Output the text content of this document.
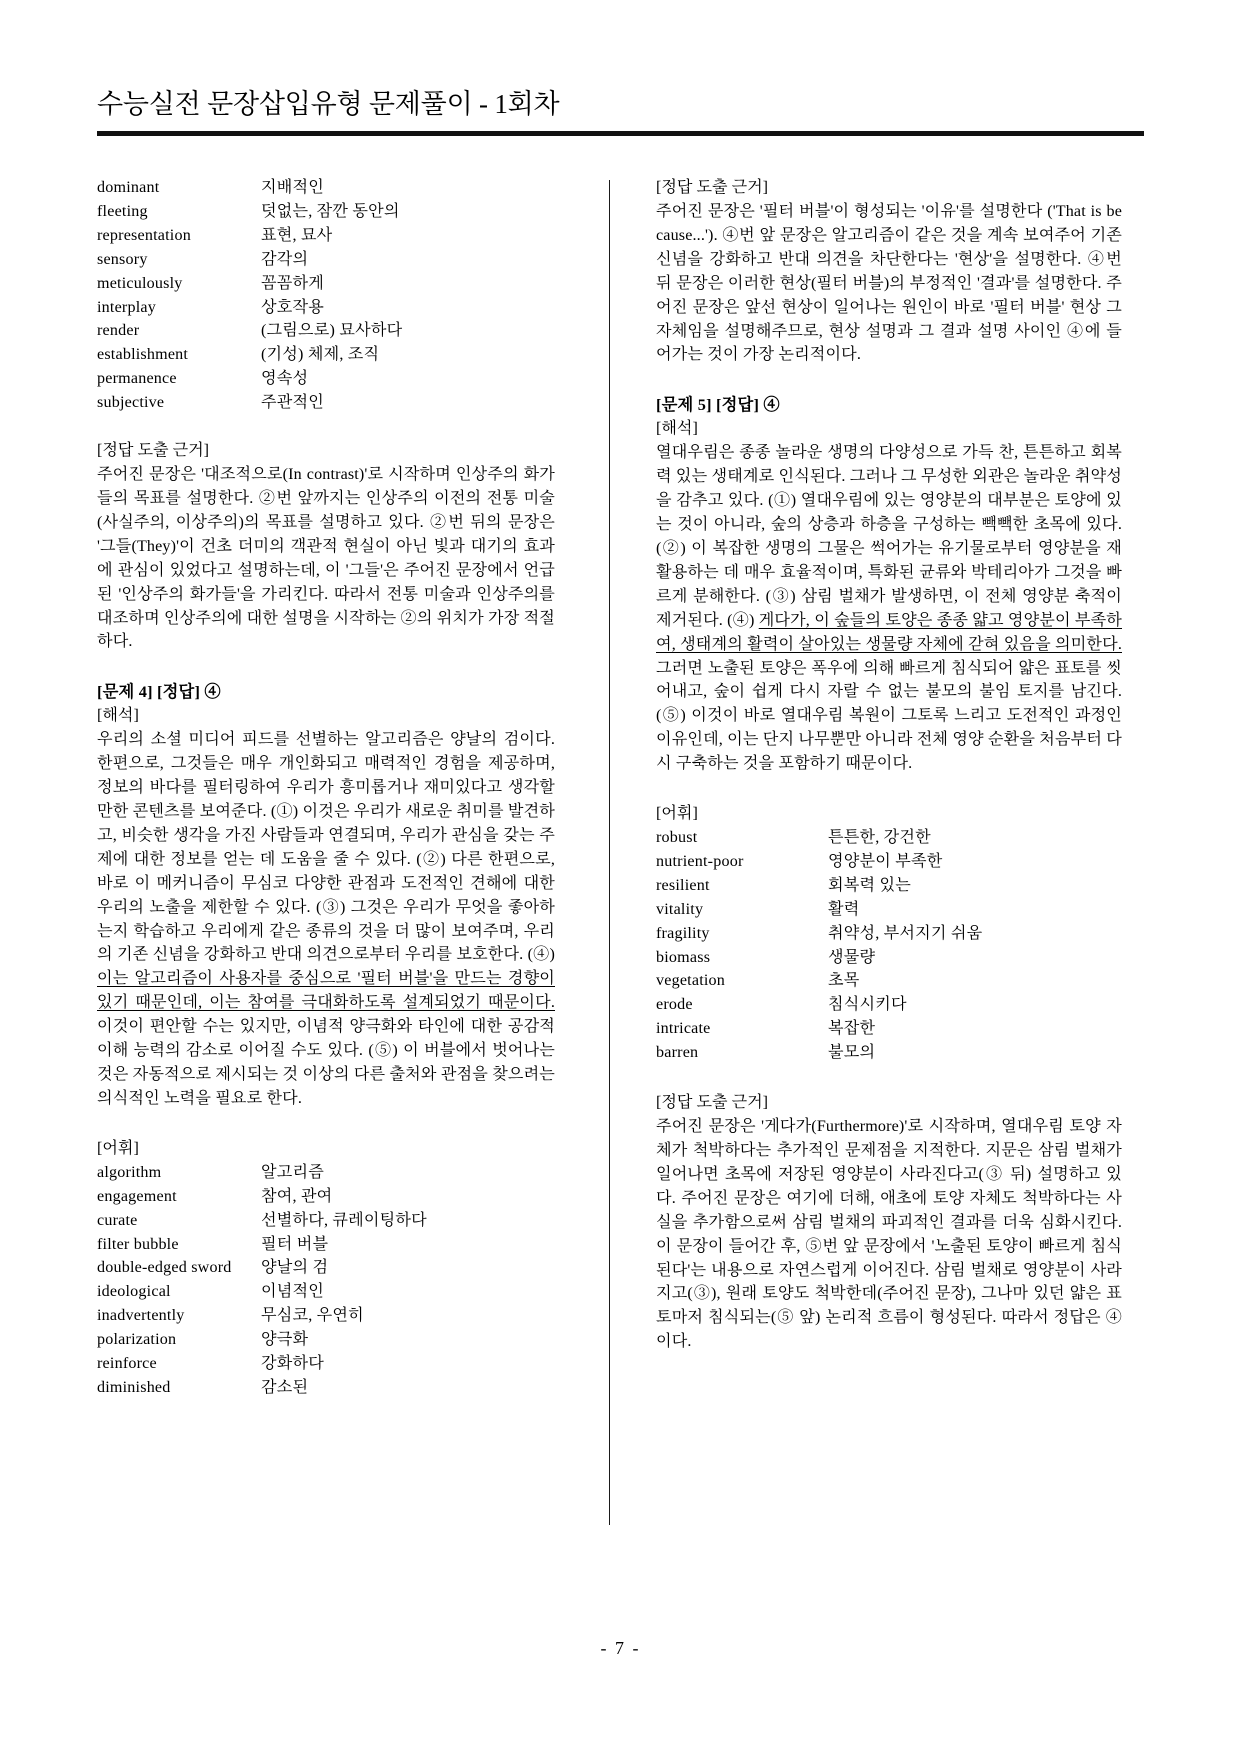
수능실전 문장삽입유형 문제풀이 - 1회차
dominant	지배적인
fleeting	덧없는, 잠깐 동안의
representation	표현, 묘사
sensory	감각의
meticulously	꼼꼼하게
interplay	상호작용
render	(그림으로) 묘사하다
establishment	(기성) 체제, 조직
permanence	영속성
subjective	주관적인
[정답 도출 근거]

주어진 문장은 '대조적으로(In contrast)'로 시작하며 인상주의 화가들의 목표를 설명한다. ②번 앞까지는 인상주의 이전의 전통 미술(사실주의, 이상주의)의 목표를 설명하고 있다. ②번 뒤의 문장은 '그들(They)'이 건초 더미의 객관적 현실이 아닌 빛과 대기의 효과에 관심이 있었다고 설명하는데, 이 '그들'은 주어진 문장에서 언급된 '인상주의 화가들'을 가리킨다. 따라서 전통 미술과 인상주의를 대조하며 인상주의에 대한 설명을 시작하는 ②의 위치가 가장 적절하다.

[문제 4] [정답] ④
[해석]

우리의 소셜 미디어 피드를 선별하는 알고리즘은 양날의 검이다. 한편으로, 그것들은 매우 개인화되고 매력적인 경험을 제공하며, 정보의 바다를 필터링하여 우리가 흥미롭거나 재미있다고 생각할 만한 콘텐츠를 보여준다. (①) 이것은 우리가 새로운 취미를 발견하고, 비슷한 생각을 가진 사람들과 연결되며, 우리가 관심을 갖는 주제에 대한 정보를 얻는 데 도움을 줄 수 있다. (②) 다른 한편으로, 바로 이 메커니즘이 무심코 다양한 관점과 도전적인 견해에 대한 우리의 노출을 제한할 수 있다. (③) 그것은 우리가 무엇을 좋아하는지 학습하고 우리에게 같은 종류의 것을 더 많이 보여주며, 우리의 기존 신념을 강화하고 반대 의견으로부터 우리를 보호한다. (④) 이는 알고리즘이 사용자를 중심으로 '필터 버블'을 만드는 경향이 있기 때문인데, 이는 참여를 극대화하도록 설계되었기 때문이다. 이것이 편안할 수는 있지만, 이념적 양극화와 타인에 대한 공감적 이해 능력의 감소로 이어질 수도 있다. (⑤) 이 버블에서 벗어나는 것은 자동적으로 제시되는 것 이상의 다른 출처와 관점을 찾으려는 의식적인 노력을 필요로 한다.

[어휘]
algorithm	알고리즘
engagement	참여, 관여
curate	선별하다, 큐레이팅하다
filter bubble	필터 버블
double-edged sword	양날의 검
ideological	이념적인
inadvertently	무심코, 우연히
polarization	양극화
reinforce	강화하다
diminished	감소된
[정답 도출 근거]

주어진 문장은 '필터 버블'이 형성되는 '이유'를 설명한다 ('That is because...'). ④번 앞 문장은 알고리즘이 같은 것을 계속 보여주어 기존 신념을 강화하고 반대 의견을 차단한다는 '현상'을 설명한다. ④번 뒤 문장은 이러한 현상(필터 버블)의 부정적인 '결과'를 설명한다. 주어진 문장은 앞선 현상이 일어나는 원인이 바로 '필터 버블' 현상 그 자체임을 설명해주므로, 현상 설명과 그 결과 설명 사이인 ④에 들어가는 것이 가장 논리적이다.

[문제 5] [정답] ④
[해석]

열대우림은 종종 놀라운 생명의 다양성으로 가득 찬, 튼튼하고 회복력 있는 생태계로 인식된다. 그러나 그 무성한 외관은 놀라운 취약성을 감추고 있다. (①) 열대우림에 있는 영양분의 대부분은 토양에 있는 것이 아니라, 숲의 상층과 하층을 구성하는 빽빽한 초목에 있다. (②) 이 복잡한 생명의 그물은 썩어가는 유기물로부터 영양분을 재활용하는 데 매우 효율적이며, 특화된 균류와 박테리아가 그것을 빠르게 분해한다. (③) 삼림 벌채가 발생하면, 이 전체 영양분 축적이 제거된다. (④) 게다가, 이 숲들의 토양은 종종 얇고 영양분이 부족하여, 생태계의 활력이 살아있는 생물량 자체에 갇혀 있음을 의미한다. 그러면 노출된 토양은 폭우에 의해 빠르게 침식되어 얇은 표토를 씻어내고, 숲이 쉽게 다시 자랄 수 없는 불모의 불임 토지를 남긴다. (⑤) 이것이 바로 열대우림 복원이 그토록 느리고 도전적인 과정인 이유인데, 이는 단지 나무뿐만 아니라 전체 영양 순환을 처음부터 다시 구축하는 것을 포함하기 때문이다.

[어휘]
robust	튼튼한, 강건한
nutrient-poor	영양분이 부족한
resilient	회복력 있는
vitality	활력
fragility	취약성, 부서지기 쉬움
biomass	생물량
vegetation	초목
erode	침식시키다
intricate	복잡한
barren	불모의
[정답 도출 근거]

주어진 문장은 '게다가(Furthermore)'로 시작하며, 열대우림 토양 자체가 척박하다는 추가적인 문제점을 지적한다. 지문은 삼림 벌채가 일어나면 초목에 저장된 영양분이 사라진다고(③ 뒤) 설명하고 있다. 주어진 문장은 여기에 더해, 애초에 토양 자체도 척박하다는 사실을 추가함으로써 삼림 벌채의 파괴적인 결과를 더욱 심화시킨다. 이 문장이 들어간 후, ⑤번 앞 문장에서 '노출된 토양이 빠르게 침식된다'는 내용으로 자연스럽게 이어진다. 삼림 벌채로 영양분이 사라지고(③), 원래 토양도 척박한데(주어진 문장), 그나마 있던 얇은 표토마저 침식되는(⑤ 앞) 논리적 흐름이 형성된다. 따라서 정답은 ④이다.

- 7 -
